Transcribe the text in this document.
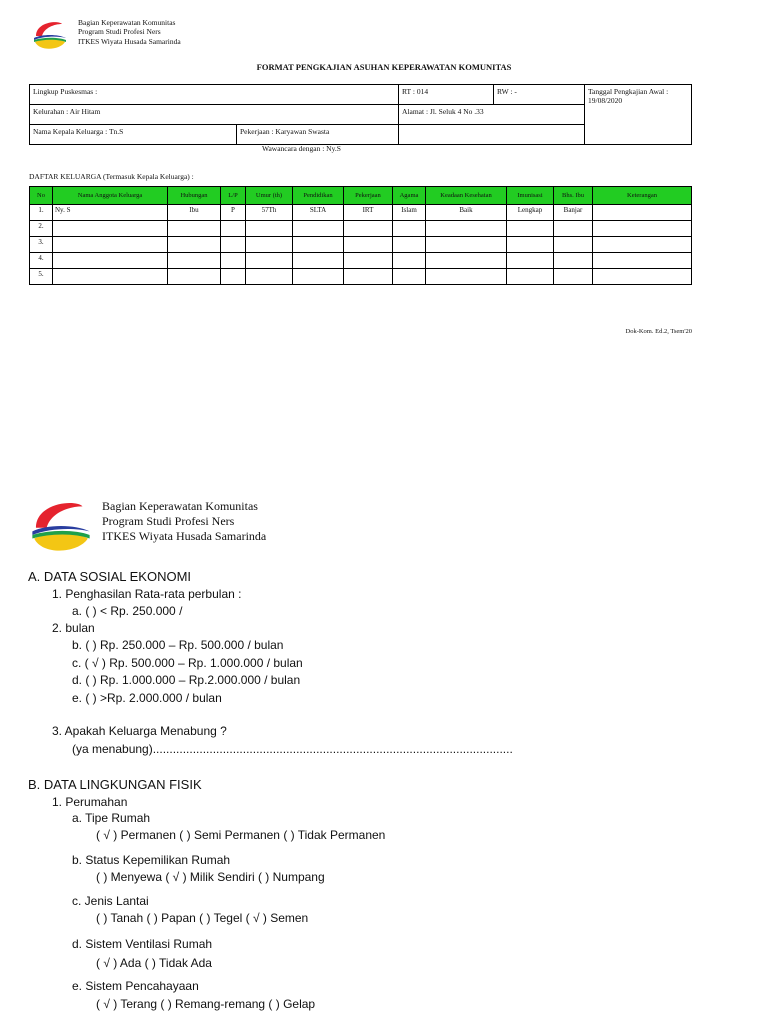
Bagian Keperawatan Komunitas
Program Studi Profesi Ners
ITKES Wiyata Husada Samarinda
FORMAT PENGKAJIAN ASUHAN KEPERAWATAN KOMUNITAS
Lingkup Puskesmas :		RT : 014	RW : -	Tanggal Pengkajian Awal : 19/08/2020
Kelurahan : Air Hitam		Alamat : Jl. Seluk 4 No .33		
Nama Kepala Keluarga : Tn.S	Pekerjaan : Karyawan Swasta			
Wawancara dengan : Ny.S
DAFTAR KELUARGA (Termasuk Kepala Keluarga) :
No	Nama Anggota Keluarga	Hubungan	L/P	Umur (th)	Pendidikan	Pekerjaan	Agama	Keadaan Kesehatan	Imunisasi	Bhs. Ibu	Keterangan
1.	Ny. S	Ibu	P	57Th	SLTA	IRT	Islam	Baik	Lengkap	Banjar	
2.											
3.											
4.											
5.											
Dok-Kom. Ed.2, Tsem'20
Bagian Keperawatan Komunitas
Program Studi Profesi Ners
ITKES Wiyata Husada Samarinda
A. DATA SOSIAL EKONOMI
1. Penghasilan Rata-rata perbulan :
a. ( ) < Rp. 250.000 /
2. bulan
b. ( ) Rp. 250.000 – Rp. 500.000 / bulan
c. ( √ ) Rp. 500.000 – Rp. 1.000.000 / bulan
d. ( ) Rp. 1.000.000 – Rp.2.000.000 / bulan
e. ( ) >Rp. 2.000.000 / bulan
3. Apakah Keluarga Menabung ?
(ya menabung)............................................................................................................
B. DATA LINGKUNGAN FISIK
1. Perumahan
a. Tipe Rumah
( √ ) Permanen ( ) Semi Permanen ( ) Tidak Permanen
b. Status Kepemilikan Rumah
( ) Menyewa ( √ ) Milik Sendiri ( ) Numpang
c. Jenis Lantai
( ) Tanah ( ) Papan ( ) Tegel ( √ ) Semen
d. Sistem Ventilasi Rumah
( √ ) Ada ( ) Tidak Ada
e. Sistem Pencahayaan
( √ ) Terang ( ) Remang-remang ( ) Gelap
